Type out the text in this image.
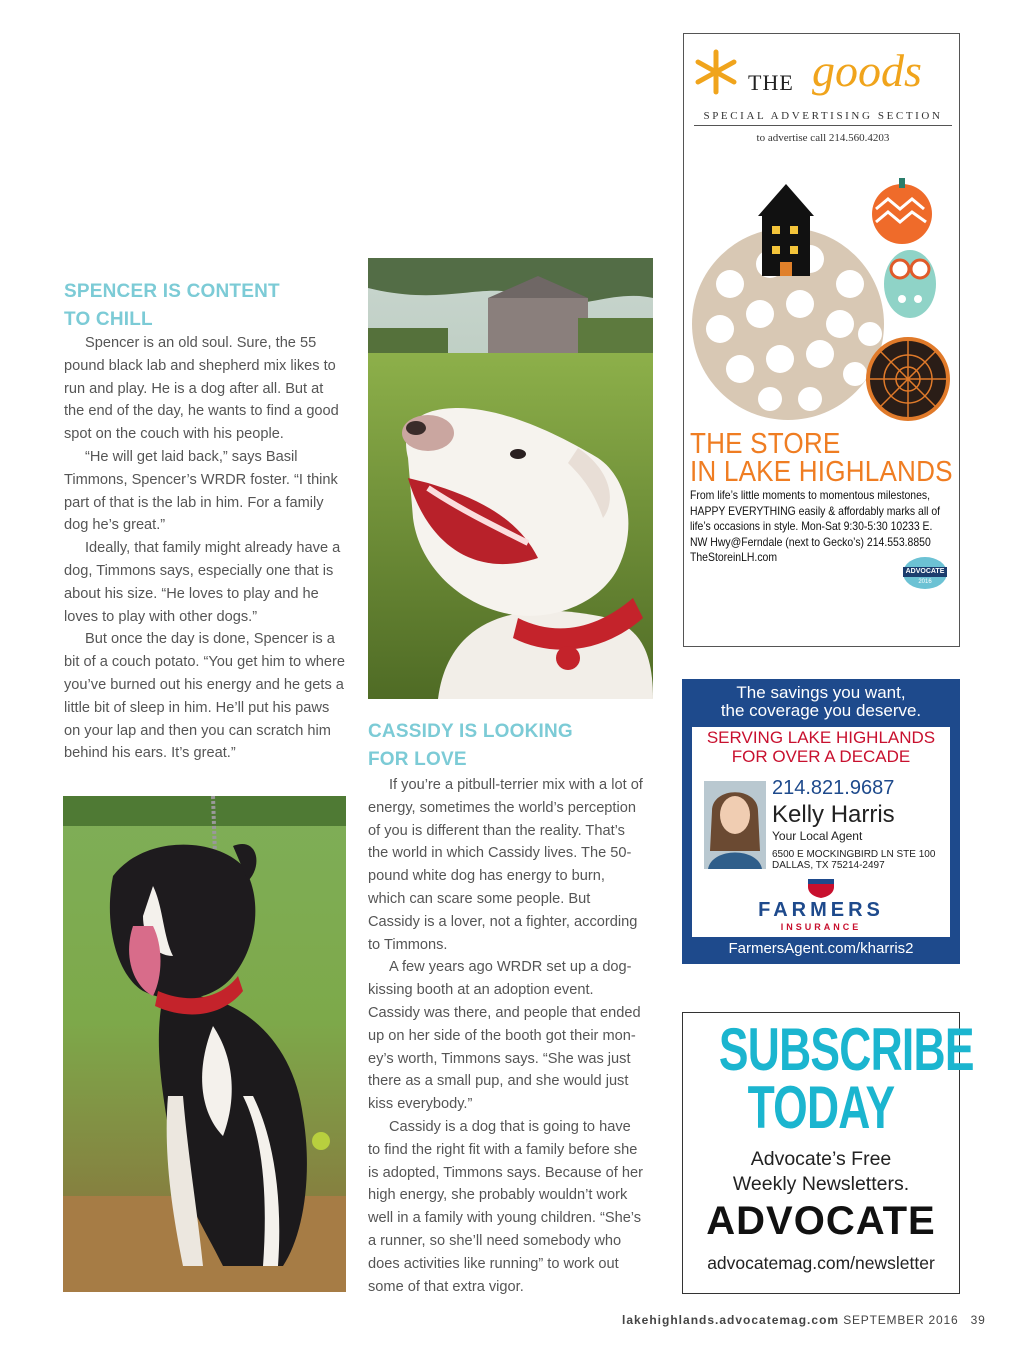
SPENCER IS CONTENT
TO CHILL

Spencer is an old soul. Sure, the 55 pound black lab and shepherd mix likes to run and play. He is a dog after all. But at the end of the day, he wants to find a good spot on the couch with his people.

“He will get laid back,” says Basil Timmons, Spencer’s WRDR foster. “I think part of that is the lab in him. For a family dog he’s great.”

Ideally, that family might already have a dog, Timmons says, especially one that is about his size. “He loves to play and he loves to play with other dogs.”

But once the day is done, Spencer is a bit of a couch potato. “You get him to where you’ve burned out his energy and he gets a little bit of sleep in him. He’ll put his paws on your lap and then you can scratch him behind his ears. It’s great.”

CASSIDY IS LOOKING
FOR LOVE

If you’re a pitbull-terrier mix with a lot of energy, sometimes the world’s perception of you is different than the reality. That’s the world in which Cassidy lives. The 50-pound white dog has energy to burn, which can scare some people. But Cassidy is a lover, not a fighter, according to Timmons.

A few years ago WRDR set up a dog-kissing booth at an adoption event. Cassidy was there, and people that ended up on her side of the booth got their money’s worth, Timmons says. “She was just there as a small pup, and she would just kiss everybody.”

Cassidy is a dog that is going to have to find the right fit with a family before she is adopted, Timmons says. Because of her high energy, she probably wouldn’t work well in a family with young children. “She’s a runner, so she’ll need somebody who does activities like running” to work out some of that extra vigor.

THE goods
SPECIAL ADVERTISING SECTION
to advertise call 214.560.4203
THE STORE
IN LAKE HIGHLANDS
From life’s little moments to momentous milestones, HAPPY EVERYTHING easily & affordably marks all of life’s occasions in style. Mon-Sat 9:30-5:30 10233 E. NW Hwy@Ferndale (next to Gecko’s) 214.553.8850 TheStoreinLH.com
ADVOCATE
2016
The savings you want,
the coverage you deserve.
SERVING LAKE HIGHLANDS
FOR OVER A DECADE
214.821.9687
Kelly Harris
Your Local Agent
6500 E MOCKINGBIRD LN STE 100
DALLAS, TX 75214-2497
FARMERS
INSURANCE
FarmersAgent.com/kharris2
SUBSCRIBE
TODAY
Advocate’s Free
Weekly Newsletters.
ADVOCATE
advocatemag.com/newsletter
lakehighlands.advocatemag.com SEPTEMBER 2016 39
